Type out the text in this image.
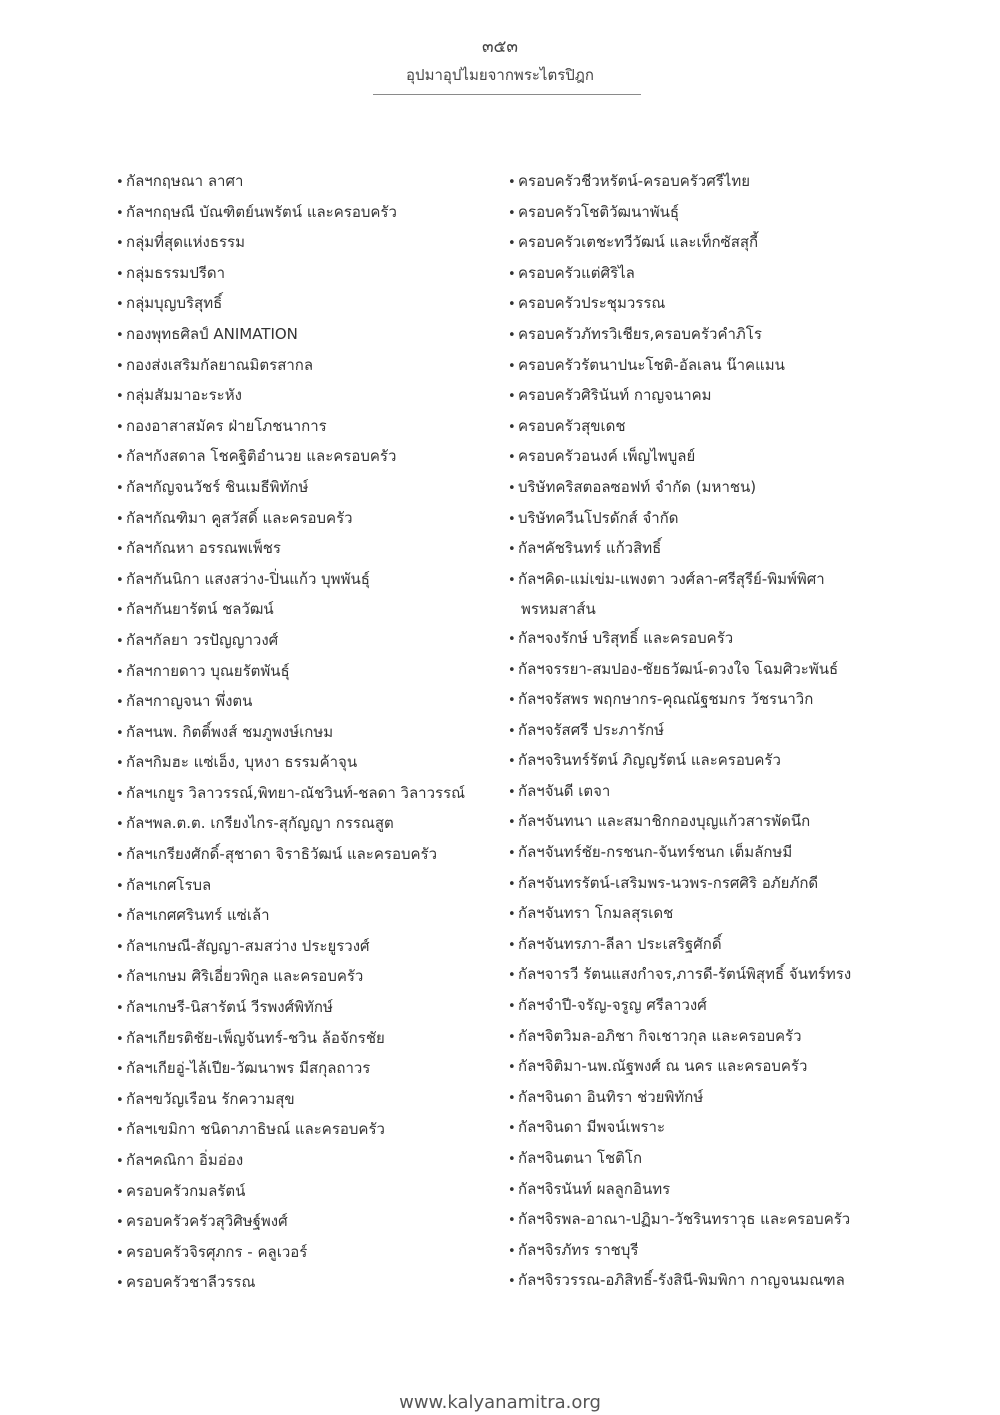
๓๕๓
อุปมาอุปไมยจากพระไตรปิฎก
• กัลฯกฤษณา ลาศา
• กัลฯกฤษณี บัณฑิตย์นพรัตน์ และครอบครัว
• กลุ่มที่สุดแห่งธรรม
• กลุ่มธรรมปรีดา
• กลุ่มบุญบริสุทธิ์
• กองพุทธศิลป์ ANIMATION
• กองส่งเสริมกัลยาณมิตรสากล
• กลุ่มสัมมาอะระหัง
• กองอาสาสมัคร ฝ่ายโภชนาการ
• กัลฯกังสดาล โชคฐิติอำนวย และครอบครัว
• กัลฯกัญจนวัชร์ ชินเมธีพิทักษ์
• กัลฯกัณฑิมา คูสวัสดิ์ และครอบครัว
• กัลฯกัณหา อรรณพเพ็ชร
• กัลฯกันนิกา แสงสว่าง-ปิ่นแก้ว บุพพันธุ์
• กัลฯกันยารัตน์ ชลวัฒน์
• กัลฯกัลยา วรปัญญาวงศ์
• กัลฯกายดาว บุณยรัตพันธุ์
• กัลฯกาญจนา พึ่งตน
• กัลฯนพ. กิตติ์พงส์ ชมภูพงษ์เกษม
• กัลฯกิมฮะ แซ่เอ็ง, บุหงา ธรรมค้าจุน
• กัลฯเกยูร วิลาวรรณ์,พิทยา-ณัชวินท์-ชลดา วิลาวรรณ์
• กัลฯพล.ต.ต. เกรียงไกร-สุกัญญา กรรณสูต
• กัลฯเกรียงศักดิ์-สุชาดา จิราธิวัฒน์ และครอบครัว
• กัลฯเกศโรบล
• กัลฯเกศศรินทร์ แซ่เล้า
• กัลฯเกษณี-สัญญา-สมสว่าง ประยูรวงศ์
• กัลฯเกษม ศิริเอี่ยวพิกูล และครอบครัว
• กัลฯเกษรี-นิสารัตน์ วีรพงศ์พิทักษ์
• กัลฯเกียรติชัย-เพ็ญจันทร์-ชวิน ล้อจักรชัย
• กัลฯเกียอู่-ไล้เปีย-วัฒนาพร มีสกุลถาวร
• กัลฯขวัญเรือน รักความสุข
• กัลฯเขมิกา ชนิดาภาธิษณ์ และครอบครัว
• กัลฯคณิกา อิ่มอ่อง
• ครอบครัวกมลรัตน์
• ครอบครัวครัวสุวิศิษฐ์พงศ์
• ครอบครัวจิรศุภกร - คลูเวอร์
• ครอบครัวชาลีวรรณ
• ครอบครัวชีวหรัตน์-ครอบครัวศรีไทย
• ครอบครัวโชติวัฒนาพันธุ์
• ครอบครัวเตชะทวีวัฒน์ และเท็กซัสสุกี้
• ครอบครัวแต่ศิริไล
• ครอบครัวประชุมวรรณ
• ครอบครัวภัทรวิเชียร,ครอบครัวคำภิโร
• ครอบครัวรัตนาปนะโชติ-อัลเลน น๊าคแมน
• ครอบครัวศิรินันท์ กาญจนาคม
• ครอบครัวสุขเดช
• ครอบครัวอนงค์ เพ็ญไพบูลย์
• บริษัทคริสตอลซอฟท์ จำกัด (มหาชน)
• บริษัทควีนโปรดักส์ จำกัด
• กัลฯคัชรินทร์ แก้วสิทธิ์
• กัลฯคิด-แม่เข่ม-แพงตา วงศ์ลา-ศรีสุรีย์-พิมพ์พิศา
พรหมสาส์น
• กัลฯจงรักษ์ บริสุทธิ์ และครอบครัว
• กัลฯจรรยา-สมปอง-ชัยธวัฒน์-ดวงใจ โฉมศิวะพันธ์
• กัลฯจรัสพร พฤกษากร-คุณณัฐชมกร วัชรนาวิก
• กัลฯจรัสศรี ประภารักษ์
• กัลฯจรินทร์รัตน์ ภิญญรัตน์ และครอบครัว
• กัลฯจันดี เตจา
• กัลฯจันทนา และสมาชิกกองบุญแก้วสารพัดนึก
• กัลฯจันทร์ชัย-กรชนก-จันทร์ชนก เต็มลักษมี
• กัลฯจันทรรัตน์-เสริมพร-นวพร-กรศศิริ อภัยภักดี
• กัลฯจันทรา โกมลสุรเดช
• กัลฯจันทรภา-ลีลา ประเสริฐศักดิ์
• กัลฯจารวี รัตนแสงกำจร,ภารดี-รัตน์พิสุทธิ์ จันทร์ทรง
• กัลฯจำปี-จรัญ-จรูญ ศรีลาวงศ์
• กัลฯจิตวิมล-อภิชา กิจเชาวกุล และครอบครัว
• กัลฯจิติมา-นพ.ณัฐพงศ์ ณ นคร และครอบครัว
• กัลฯจินดา อินทิรา ช่วยพิทักษ์
• กัลฯจินดา มีพจน์เพราะ
• กัลฯจินตนา โชติโก
• กัลฯจิรนันท์ ผลลูกอินทร
• กัลฯจิรพล-อาณา-ปฏิมา-วัชรินทราวุธ และครอบครัว
• กัลฯจิรภัทร ราชบุรี
• กัลฯจิรวรรณ-อภิสิทธิ์-รังสินี-พิมพิกา กาญจนมณฑล
www.kalyanamitra.org
